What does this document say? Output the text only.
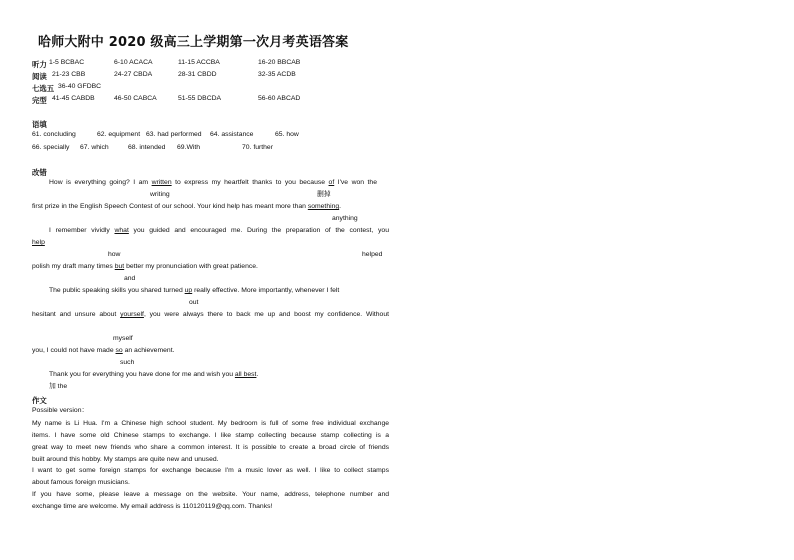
哈师大附中 2020 级高三上学期第一次月考英语答案
听力 1-5 BCBAC	6-10 ACACA	11-15 ACCBA	16-20 BBCAB
阅读 21-23 CBB	24-27 CBDA	28-31 CBDD	32-35 ACDB
七选五 36-40 GFDBC
完型 41-45 CABDB	46-50 CABCA	51-55 DBCDA	56-60 ABCAD
语填
61. concluding	62. equipment 63. had performed 64. assistance	65. how
66. specially 67. which	68. intended 69.With	70. further
改错
How is everything going? I am written to express my heartfelt thanks to you because of I've won the
writing	删掉
first prize in the English Speech Contest of our school. Your kind help has meant more than something.
anything
I remember vividly what you guided and encouraged me. During the preparation of the contest, you
help
how	helped
polish my draft many times but better my pronunciation with great patience.
and
The public speaking skills you shared turned up really effective. More importantly, whenever I felt
out
hesitant and unsure about yourself, you were always there to back me up and boost my confidence. Without
myself
you, I could not have made so an achievement.
such
Thank you for everything you have done for me and wish you all best.
加 the
作文
Possible version：
My name is Li Hua. I'm a Chinese high school student. My bedroom is full of some free individual exchange
items. I have some old Chinese stamps to exchange. I like stamp collecting because stamp collecting is a
great way to meet new friends who share a common interest. It is possible to create a broad circle of friends
built around this hobby. My stamps are quite new and unused.
I want to get some foreign stamps for exchange because I'm a music lover as well. I like to collect stamps
about famous foreign musicians.
If you have some, please leave a message on the website. Your name, address, telephone number and
exchange time are welcome. My email address is 110120119@qq.com. Thanks!
